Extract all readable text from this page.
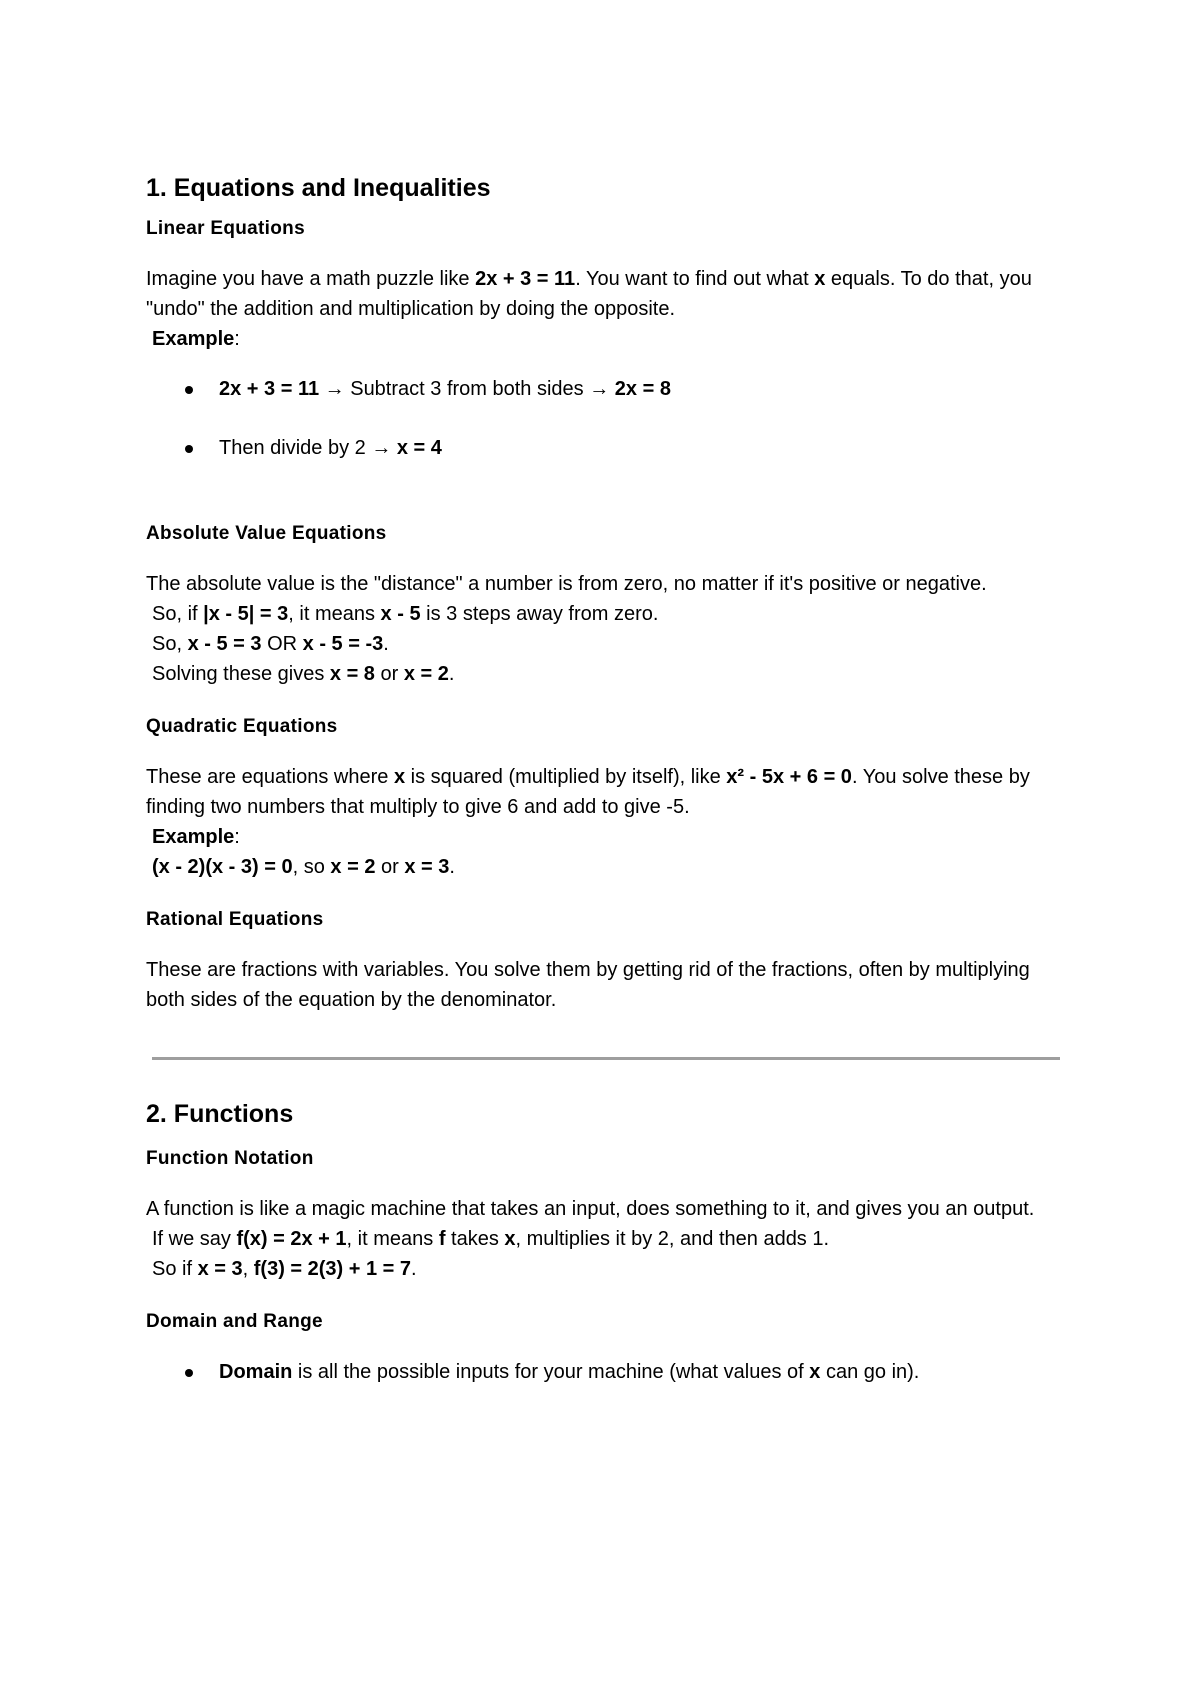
1. Equations and Inequalities
Linear Equations

Imagine you have a math puzzle like 2x + 3 = 11. You want to find out what x equals. To do that, you "undo" the addition and multiplication by doing the opposite.

Example:

2x + 3 = 11 → Subtract 3 from both sides → 2x = 8
Then divide by 2 → x = 4
Absolute Value Equations

The absolute value is the "distance" a number is from zero, no matter if it's positive or negative.

So, if |x - 5| = 3, it means x - 5 is 3 steps away from zero.

So, x - 5 = 3 OR x - 5 = -3.

Solving these gives x = 8 or x = 2.

Quadratic Equations

These are equations where x is squared (multiplied by itself), like x² - 5x + 6 = 0. You solve these by finding two numbers that multiply to give 6 and add to give -5.

Example:

(x - 2)(x - 3) = 0, so x = 2 or x = 3.

Rational Equations

These are fractions with variables. You solve them by getting rid of the fractions, often by multiplying both sides of the equation by the denominator.

2. Functions
Function Notation

A function is like a magic machine that takes an input, does something to it, and gives you an output.

If we say f(x) = 2x + 1, it means f takes x, multiplies it by 2, and then adds 1.

So if x = 3, f(3) = 2(3) + 1 = 7.

Domain and Range
Domain is all the possible inputs for your machine (what values of x can go in).
